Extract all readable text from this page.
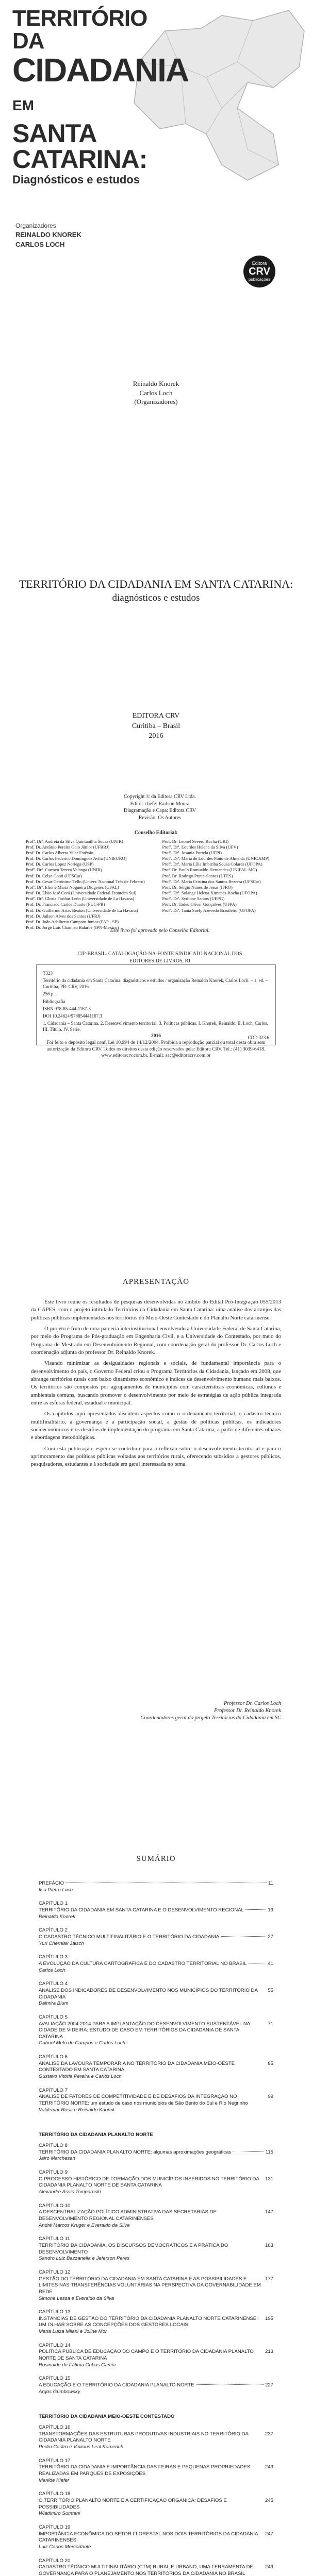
TERRITÓRIO DA
CIDADANIA EM
SANTA CATARINA:
Diagnósticos e estudos
Organizadores
REINALDO KNOREK
CARLOS LOCH
Editora
CRV
publicações
Reinaldo Knorek
Carlos Loch
(Organizadores)
TERRITÓRIO DA CIDADANIA EM SANTA CATARINA:
diagnósticos e estudos
EDITORA CRV
Curitiba – Brasil
2016
Copyright © da Editora CRV Ltda.
Editor-chefe: Railson Moura
Diagramação e Capa: Editora CRV
Revisão: Os Autores
Conselho Editorial:
Profª. Drª. Andréia da Silva Quintanilha Sousa (UNIR)
Prof. Dr. Antônio Pereira Gaio Júnior (UFRRJ)
Prof. Dr. Carlos Alberto Vilar Estêvão
Prof. Dr. Carlos Federico Dominguez Avila (UNIEURO)
Prof. Dr. Carlos López Noriega (USP)
Profª. Drª. Carmen Tereza Velanga (UNIR)
Prof. Dr. Celso Conti (UFSCar)
Prof. Dr. Cesar Gerónimo Tello (Univer. Nacional Três de Febrero)
Profª. Drª. Elione Maria Nogueira Diogenes (UFAL)
Prof. Dr. Élsio José Corá (Universidade Federal Fronteira Sul)
Profª. Drª. Gloria Fariñas León (Universidade de La Havana)
Prof. Dr. Francisco Carlos Duarte (PUC-PR)
Prof. Dr. Guillermo Arias Beatón (Universidade de La Havana)
Prof. Dr. Jailson Alves dos Santos (UFRJ)
Prof. Dr. João Adalberto Campato Junior (FAP - SP)
Prof. Dr. Jorge Luis Chamiso Balarbe (IPN-Mexico)
Prof. Dr. Leonel Severo Rocha (URI)
Profª. Drª. Lourdes Helena da Silva (UFV)
Profª. Drª. Josania Portela (UFPI)
Profª. Drª. Maria de Lourdes Pinto de Almeida (UNICAMP)
Profª. Drª. Maria Lília Imbiriba Sousa Colares (UFOPA)
Prof. Dr. Paulo Romualdo Hernandes (UNIFAL-MG)
Prof. Dr. Rodrigo Pratte-Santos (UFES)
Profª. Drª. Maria Cristina dos Santos Bezerra (UFSCar)
Prof. Dr. Sérgio Nunes de Jesus (IFRO)
Profª. Drª. Solange Helena Ximenes-Rocha (UFOPA)
Profª. Drª. Sydione Santos (UEPG)
Prof. Dr. Tadeu Oliver Gonçalves (UFPA)
Profª. Drª. Tania Suely Azevedo Brasileiro (UFOPA)
Este livro foi aprovado pelo Conselho Editorial.
CIP-BRASIL. CATALOGAÇÃO-NA-FONTE SINDICATO NACIONAL DOS EDITORES DE LIVROS, RJ
T323
Território da cidadania em Santa Catarina: diagnósticos e estudos / organização Reinaldo Knorek, Carlos Loch. – 1. ed. – Curitiba, PR: CRV, 2016.
256 p.
Bibliografia
ISBN 978-85-444-1167-3
DOI 10.24824/978854441167.3
1. Cidadania – Santa Catarina. 2. Desenvolvimento territorial. 3. Políticas públicas. I. Knorek, Reinaldo. II. Loch, Carlos. III. Título. IV. Série.
CDD 323.6
2016
Foi feito o depósito legal conf. Lei 10.994 de 14/12/2004. Proibida a reprodução parcial ou total desta obra sem autorização da Editora CRV. Todos os direitos desta edição reservados pela: Editora CRV. Tel.: (41) 3039-6418. www.editoracrv.com.br. E-mail: sac@editoracrv.com.br
APRESENTAÇÃO

Este livro reúne os resultados de pesquisas desenvolvidas no âmbito do Edital Pró-Integração 055/2013 da CAPES, com o projeto intitulado Territórios da Cidadania em Santa Catarina: uma análise dos arranjos das políticas públicas implementadas nos territórios do Meio-Oeste Contestado e do Planalto Norte catarinense.

O projeto é fruto de uma parceria interinstitucional envolvendo a Universidade Federal de Santa Catarina, por meio do Programa de Pós-graduação em Engenharia Civil, e a Universidade do Contestado, por meio do Programa de Mestrado em Desenvolvimento Regional, com coordenação geral do professor Dr. Carlos Loch e coordenação adjunta do professor Dr. Reinaldo Knorek.

Visando minimizar as desigualdades regionais e sociais, de fundamental importância para o desenvolvimento do país, o Governo Federal criou o Programa Territórios da Cidadania, lançado em 2008, que abrange territórios rurais com baixo dinamismo econômico e índices de desenvolvimento humano mais baixos. Os territórios são compostos por agrupamentos de municípios com características econômicas, culturais e ambientais comuns, buscando promover o desenvolvimento por meio de estratégias de ação pública integrada entre as esferas federal, estadual e municipal.

Os capítulos aqui apresentados discutem aspectos como o ordenamento territorial, o cadastro técnico multifinalitário, a governança e a participação social, a gestão de políticas públicas, os indicadores socioeconômicos e os desafios de implementação do programa em Santa Catarina, a partir de diferentes olhares e abordagens metodológicas.

Com esta publicação, espera-se contribuir para a reflexão sobre o desenvolvimento territorial e para o aprimoramento das políticas públicas voltadas aos territórios rurais, oferecendo subsídios a gestores públicos, pesquisadores, estudantes e à sociedade em geral interessada no tema.

Professor Dr. Carlos Loch
Professor Dr. Reinaldo Knorek
Coordenadores geral do projeto Territórios da Cidadania em SC
SUMÁRIO
PREFÁCIO	11
Ilsa Pietro Loch
CAPÍTULO 1
TERRITÓRIO DA CIDADANIA EM SANTA CATARINA E O DESENVOLVIMENTO REGIONAL	19
Reinaldo Knorek
CAPÍTULO 2
O CADASTRO TÉCNICO MULTIFINALITÁRIO E O TERRITÓRIO DA CIDADANIA	27
Yuri Cherniak Jalsch
CAPÍTULO 3
A EVOLUÇÃO DA CULTURA CARTOGRÁFICA E DO CADASTRO TERRITORIAL NO BRASIL	41
Carlos Loch
CAPÍTULO 4
ANÁLISE DOS INDICADORES DE DESENVOLVIMENTO NOS MUNICÍPIOS DO TERRITÓRIO DA CIDADANIA
55
Dalmira Blum
CAPÍTULO 5
AVALIAÇÃO 2004-2014 PARA A IMPLANTAÇÃO DO DESENVOLVIMENTO SUSTENTÁVEL NA CIDADE DE VIDEIRA: ESTUDO DE CASO EM TERRITÓRIOS DA CIDADANIA DE SANTA CATARINA
71
Gabriel Melo de Campos e Carlos Loch
CAPÍTULO 6
ANÁLISE DA LAVOURA TEMPORÁRIA NO TERRITÓRIO DA CIDADANIA MEIO-OESTE CONTESTADO EM SANTA CATARINA
85
Gustavo Vitória Pereira e Carlos Loch
CAPÍTULO 7
ANÁLISE DE FATORES DE COMPETITIVIDADE E DE DESAFIOS DA INTEGRAÇÃO NO TERRITÓRIO NORTE: um estudo de caso nos municípios de São Bento do Sul e Rio Negrinho
99
Valdemar Rosa e Reinaldo Knorek
TERRITÓRIO DA CIDADANIA PLANALTO NORTE
CAPÍTULO 8
TERRITÓRIO DA CIDADANIA PLANALTO NORTE: algumas aproximações geográficas	115
Jairo Marchesan
CAPÍTULO 9
O PROCESSO HISTÓRICO DE FORMAÇÃO DOS MUNICÍPIOS INSERIDOS NO TERRITÓRIO DA CIDADANIA PLANALTO NORTE DE SANTA CATARINA
131
Alexandre Assis Tomporoski
CAPÍTULO 10
A DESCENTRALIZAÇÃO POLÍTICO ADMINISTRATIVA DAS SECRETARIAS DE DESENVOLVIMENTO REGIONAL CATARINENSES
147
André Marcos Kruger e Everaldo da Silva
CAPÍTULO 11
TERRITÓRIO DA CIDADANIA, OS DISCURSOS DEMOCRÁTICOS E A PRÁTICA DO DESENVOLVIMENTO
163
Sandro Luiz Bazzanella e Jeferson Peres
CAPÍTULO 12
GESTÃO DO TERRITÓRIO DA CIDADANIA EM SANTA CATARINA E AS POSSIBILIDADES E LIMITES NAS TRANSFERÊNCIAS VOLUNTÁRIAS NA PERSPECTIVA DA GOVERNABILIDADE EM REDE
177
Simone Lessa e Everaldo da Silva
CAPÍTULO 13
INSTÂNCIAS DE GESTÃO DO TERRITÓRIO DA CIDADANIA PLANALTO NORTE CATARINENSE: UM OLHAR SOBRE AS CONCEPÇÕES DOS GESTORES LOCAIS
195
Maria Luiza Milani e Joline Mor
CAPÍTULO 14
POLÍTICA PÚBLICA DE EDUCAÇÃO DO CAMPO E O TERRITÓRIO DA CIDADANIA PLANALTO NORTE DE SANTA CATARINA
213
Rosinaide de Fátima Cubas Garcia
CAPÍTULO 15
A EDUCAÇÃO E O TERRITÓRIO DA CIDADANIA PLANALTO NORTE	227
Argos Gumbowsky
TERRITÓRIO DA CIDADANIA MEIO-OESTE CONTESTADO
CAPÍTULO 16
TRANSFORMAÇÕES DAS ESTRUTURAS PRODUTIVAS INDUSTRIAIS NO TERRITÓRIO DA CIDADANIA PLANALTO NORTE
237
Pedro Castro e Vinicius Leal Kamerich
CAPÍTULO 17
TERRITÓRIO DA CIDADANIA E IMPORTÂNCIA DAS FEIRAS E PEQUENAS PROPRIEDADES REALIZADAS EM PARQUES DE EXPOSIÇÕES
243
Marilde Kiefer
CAPÍTULO 18
O TERRITÓRIO PLANALTO NORTE E A CERTIFICAÇÃO ORGÂNICA: DESAFIOS E POSSIBILIDADES
245
Wladimiro Sumtani
CAPÍTULO 19
IMPORTÂNCIA ECONÔMICA DO SETOR FLORESTAL NOS DOIS TERRITÓRIOS DA CIDADANIA CATARINENSES
247
Luiz Carlos Mercadante
CAPÍTULO 20
CADASTRO TÉCNICO MULTIFINALITÁRIO (CTM) RURAL E URBANO, UMA FERRAMENTA DE GOVERNANÇA PARA O PLANEJAMENTO NOS TERRITÓRIOS DA CIDADANIA NO BRASIL
249
